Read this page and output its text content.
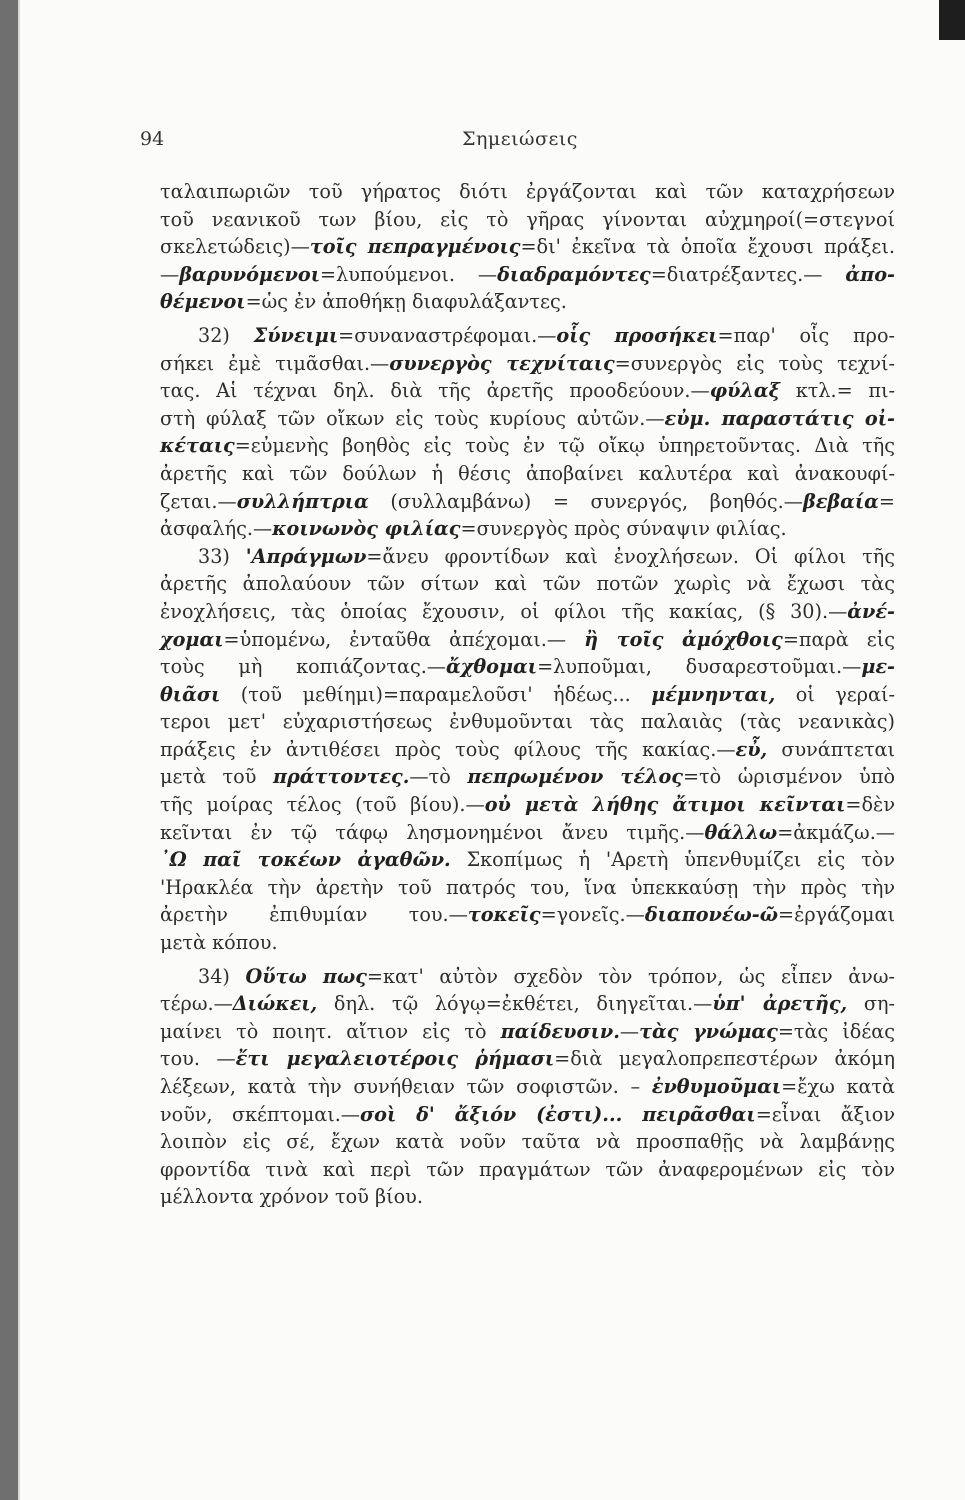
94	Σημειώσεις
ταλαιπωριῶν τοῦ γήρατος διότι ἐργάζονται καὶ τῶν καταχρήσεων
τοῦ νεανικοῦ των βίου, εἰς τὸ γῆρας γίνονται αὐχμηροί(=στεγνοί
σκελετώδεις)—τοῖς πεπραγμένοις=δι' ἐκεῖνα τὰ ὁποῖα ἔχουσι πράξει.
—βαρυνόμενοι=λυπούμενοι. —διαδραμόντες=διατρέξαντες.— ἀπο-
θέμενοι=ὡς ἐν ἀποθήκῃ διαφυλάξαντες.
32) Σύνειμι=συναναστρέφομαι.—οἷς προσήκει=παρ' οἷς προ-
σήκει ἐμὲ τιμᾶσθαι.—συνεργὸς τεχνίταις=συνεργὸς εἰς τοὺς τεχνί-
τας. Αἱ τέχναι δηλ. διὰ τῆς ἀρετῆς προοδεύουν.—φύλαξ κτλ.= πι-
στὴ φύλαξ τῶν οἴκων εἰς τοὺς κυρίους αὐτῶν.—εὐμ. παραστάτις οἰ-
κέταις=εὐμενὴς βοηθὸς εἰς τοὺς ἐν τῷ οἴκῳ ὑπηρετοῦντας. Διὰ τῆς
ἀρετῆς καὶ τῶν δούλων ἡ θέσις ἀποβαίνει καλυτέρα καὶ ἀνακουφί-
ζεται.—συλλήπτρια (συλλαμβάνω) = συνεργός, βοηθός.—βεβαία=
ἀσφαλής.—κοινωνὸς φιλίας=συνεργὸς πρὸς σύναψιν φιλίας.
33) 'Απράγμων=ἄνευ φροντίδων καὶ ἐνοχλήσεων. Οἱ φίλοι τῆς
ἀρετῆς ἀπολαύουν τῶν σίτων καὶ τῶν ποτῶν χωρὶς νὰ ἔχωσι τὰς
ἐνοχλήσεις, τὰς ὁποίας ἔχουσιν, οἱ φίλοι τῆς κακίας, (§ 30).—ἀνέ-
χομαι=ὑπομένω, ἐνταῦθα ἀπέχομαι.— ἢ τοῖς ἀμόχθοις=παρὰ εἰς
τοὺς μὴ κοπιάζοντας.—ἄχθομαι=λυποῦμαι, δυσαρεστοῦμαι.—με-
θιᾶσι (τοῦ μεθίημι)=παραμελοῦσι' ἡδέως... μέμνηνται, οἱ γεραί-
τεροι μετ' εὐχαριστήσεως ἐνθυμοῦνται τὰς παλαιὰς (τὰς νεανικὰς)
πράξεις ἐν ἀντιθέσει πρὸς τοὺς φίλους τῆς κακίας.—εὖ, συνάπτεται
μετὰ τοῦ πράττοντες.—τὸ πεπρωμένον τέλος=τὸ ὡρισμένον ὑπὸ
τῆς μοίρας τέλος (τοῦ βίου).—οὐ μετὰ λήθης ἄτιμοι κεῖνται=δὲν
κεῖνται ἐν τῷ τάφῳ λησμονημένοι ἄνευ τιμῆς.—θάλλω=ἀκμάζω.—
᾽Ω παῖ τοκέων ἀγαθῶν. Σκοπίμως ἡ 'Αρετὴ ὑπενθυμίζει εἰς τὸν
'Ηρακλέα τὴν ἀρετὴν τοῦ πατρός του, ἵνα ὑπεκκαύσῃ τὴν πρὸς τὴν
ἀρετὴν ἐπιθυμίαν του.—τοκεῖς=γονεῖς.—διαπονέω-ῶ=ἐργάζομαι
μετὰ κόπου.
34) Οὕτω πως=κατ' αὐτὸν σχεδὸν τὸν τρόπον, ὡς εἶπεν ἀνω-
τέρω.—Διώκει, δηλ. τῷ λόγῳ=ἐκθέτει, διηγεῖται.—ὑπ' ἀρετῆς, ση-
μαίνει τὸ ποιητ. αἴτιον εἰς τὸ παίδευσιν.—τὰς γνώμας=τὰς ἰδέας
του. —ἔτι μεγαλειοτέροις ῥήμασι=διὰ μεγαλοπρεπεστέρων ἀκόμη
λέξεων, κατὰ τὴν συνήθειαν τῶν σοφιστῶν. – ἐνθυμοῦμαι=ἔχω κατὰ
νοῦν, σκέπτομαι.—σοὶ δ' ἄξιόν (ἐστι)... πειρᾶσθαι=εἶναι ἄξιον
λοιπὸν εἰς σέ, ἔχων κατὰ νοῦν ταῦτα νὰ προσπαθῇς νὰ λαμβάνῃς
φροντίδα τινὰ καὶ περὶ τῶν πραγμάτων τῶν ἀναφερομένων εἰς τὸν
μέλλοντα χρόνον τοῦ βίου.
